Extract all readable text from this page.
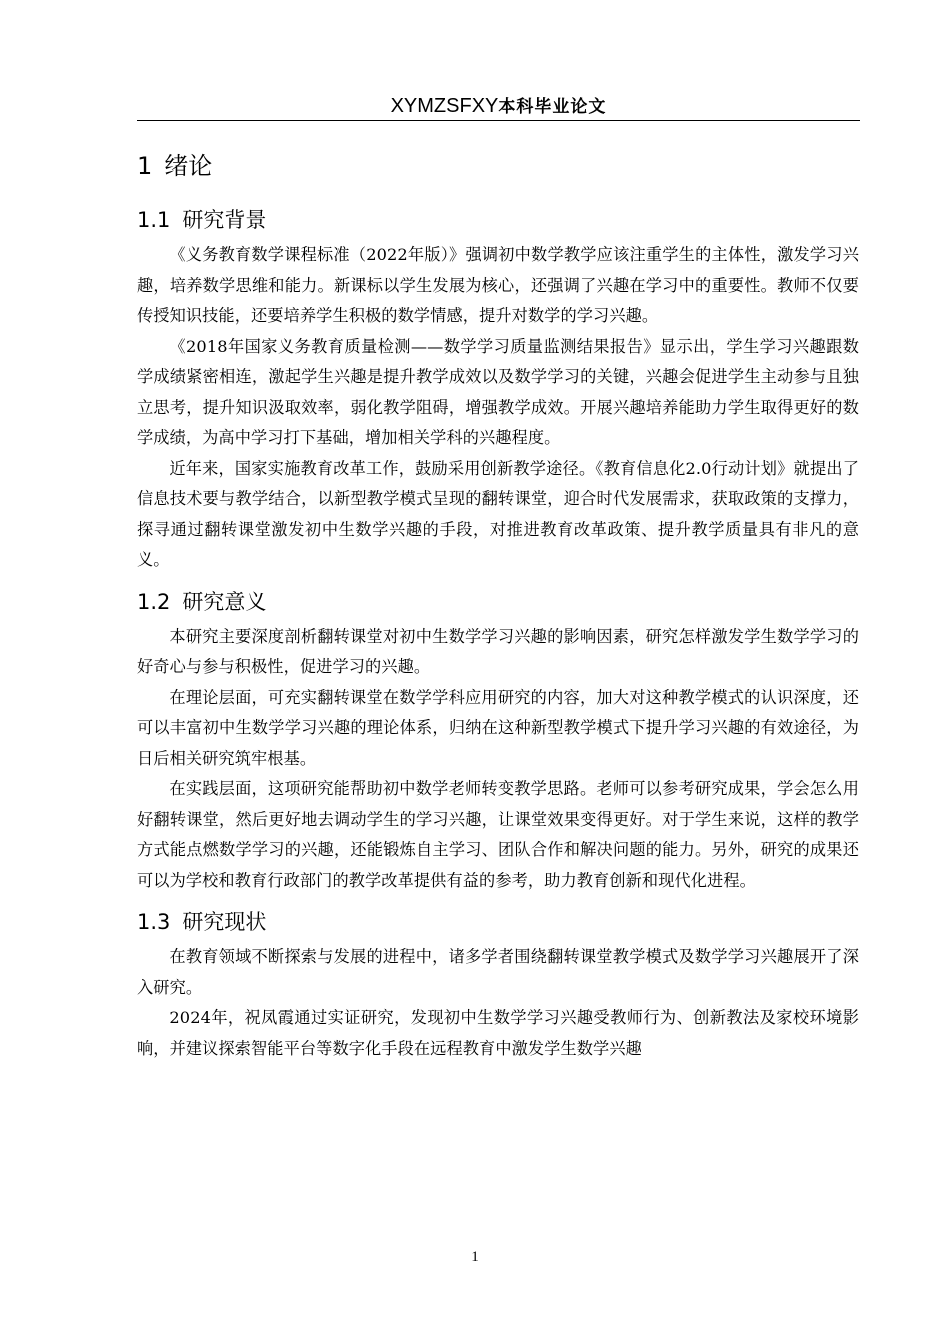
XYMZSFXY本科毕业论文
1 绪论
1.1 研究背景

《义务教育数学课程标准（2022年版）》强调初中数学教学应该注重学生的主体性，激发学习兴趣，培养数学思维和能力。新课标以学生发展为核心，还强调了兴趣在学习中的重要性。教师不仅要传授知识技能，还要培养学生积极的数学情感，提升对数学的学习兴趣。

《2018年国家义务教育质量检测——数学学习质量监测结果报告》显示出，学生学习兴趣跟数学成绩紧密相连，激起学生兴趣是提升教学成效以及数学学习的关键，兴趣会促进学生主动参与且独立思考，提升知识汲取效率，弱化教学阻碍，增强教学成效。开展兴趣培养能助力学生取得更好的数学成绩，为高中学习打下基础，增加相关学科的兴趣程度。

近年来，国家实施教育改革工作，鼓励采用创新教学途径。《教育信息化2.0行动计划》就提出了信息技术要与教学结合，以新型教学模式呈现的翻转课堂，迎合时代发展需求，获取政策的支撑力，探寻通过翻转课堂激发初中生数学兴趣的手段，对推进教育改革政策、提升教学质量具有非凡的意义。

1.2 研究意义

本研究主要深度剖析翻转课堂对初中生数学学习兴趣的影响因素，研究怎样激发学生数学学习的好奇心与参与积极性，促进学习的兴趣。

在理论层面，可充实翻转课堂在数学学科应用研究的内容，加大对这种教学模式的认识深度，还可以丰富初中生数学学习兴趣的理论体系，归纳在这种新型教学模式下提升学习兴趣的有效途径，为日后相关研究筑牢根基。

在实践层面，这项研究能帮助初中数学老师转变教学思路。老师可以参考研究成果，学会怎么用好翻转课堂，然后更好地去调动学生的学习兴趣，让课堂效果变得更好。对于学生来说，这样的教学方式能点燃数学学习的兴趣，还能锻炼自主学习、团队合作和解决问题的能力。另外，研究的成果还可以为学校和教育行政部门的教学改革提供有益的参考，助力教育创新和现代化进程。

1.3 研究现状

在教育领域不断探索与发展的进程中，诸多学者围绕翻转课堂教学模式及数学学习兴趣展开了深入研究。

2024年，祝凤霞通过实证研究，发现初中生数学学习兴趣受教师行为、创新教法及家校环境影响，并建议探索智能平台等数字化手段在远程教育中激发学生数学兴趣

1
